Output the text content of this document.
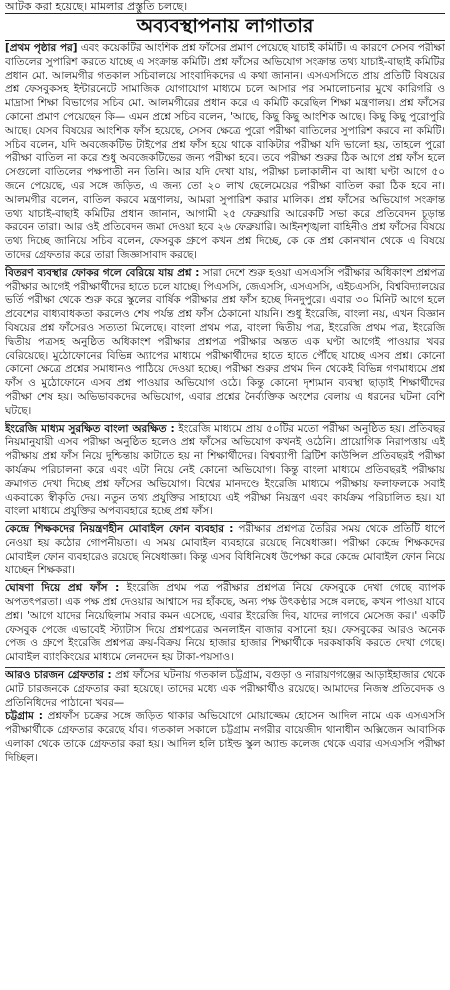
আটক করা হয়েছে। মামলার প্রস্তুতি চলছে।
অব্যবস্থাপনায় লাগাতার

[প্রথম পৃষ্ঠার পর] এবং কয়েকটির আংশিক প্রশ্ন ফাঁসের প্রমাণ পেয়েছে যাচাই কমিটি। এ কারণে সেসব পরীক্ষা বাতিলের সুপারিশ করতে যাচ্ছে এ সংক্রান্ত কমিটি। প্রশ্ন ফাঁসের অভিযোগ সংক্রান্ত তথ্য যাচাই-বাছাই কমিটির প্রধান মো. আলমগীর গতকাল সচিবালয়ে সাংবাদিকদের এ কথা জানান। এসএসসিতে প্রায় প্রতিটি বিষয়ের প্রশ্ন ফেসবুকসহ ইন্টারনেটে সামাজিক যোগাযোগ মাধ্যমে চলে আসার পর সমালোচনার মুখে কারিগরি ও মাদ্রাসা শিক্ষা বিভাগের সচিব মো. আলমগীরের প্রধান করে এ কমিটি করেছিল শিক্ষা মন্ত্রণালয়। প্রশ্ন ফাঁসের কোনো প্রমাণ পেয়েছেন কি— এমন প্রশ্নে সচিব বলেন, 'আছে, কিছু কিছু আংশিক আছে। কিছু কিছু পুরোপুরি আছে। যেসব বিষয়ের আংশিক ফাঁস হয়েছে, সেসব ক্ষেত্রে পুরো পরীক্ষা বাতিলের সুপারিশ করবে না কমিটি। সচিব বলেন, যদি অবজেকটিভ টাইপের প্রশ্ন ফাঁস হয়ে থাকে বাকিটার পরীক্ষা যদি ভালো হয়, তাহলে পুরো পরীক্ষা বাতিল না করে শুধু অবজেকটিভের জন্য পরীক্ষা হবে। তবে পরীক্ষা শুরুর ঠিক আগে প্রশ্ন ফাঁস হলে সেগুলো বাতিলের পক্ষপাতী নন তিনি। আর যদি দেখা যায়, পরীক্ষা চলাকালীন বা আধা ঘণ্টা আগে ৫০ জনে পেয়েছে, এর সঙ্গে জড়িত, এ জন্য তো ২০ লাখ ছেলেমেয়ের পরীক্ষা বাতিল করা ঠিক হবে না। আলমগীর বলেন, বাতিল করবে মন্ত্রণালয়, আমরা সুপারিশ করার মালিক। প্রশ্ন ফাঁসের অভিযোগ সংক্রান্ত তথ্য যাচাই-বাছাই কমিটির প্রধান জানান, আগামী ২৫ ফেব্রুয়ারি আরেকটি সভা করে প্রতিবেদন চূড়ান্ত করবেন তারা। আর ওই প্রতিবেদন জমা দেওয়া হবে ২৬ ফেব্রুয়ারি। আইনশৃঙ্খলা বাহিনীও প্রশ্ন ফাঁসের বিষয়ে তথ্য দিচ্ছে জানিয়ে সচিব বলেন, ফেসবুক গ্রুপে কখন প্রশ্ন দিচ্ছে, কে কে প্রশ্ন কোনখান থেকে এ বিষয়ে তাদের গ্রেফতার করে তারা জিজ্ঞাসাবাদ করছে।

বিতরণ ব্যবস্থার ফোকর গলে বেরিয়ে যায় প্রশ্ন : সারা দেশে শুরু হওয়া এসএসসি পরীক্ষার অধিকাংশ প্রশ্নপত্র পরীক্ষার আগেই পরীক্ষার্থীদের হাতে চলে যাচ্ছে। পিএসসি, জেএসসি, এসএসসি, এইচএসসি, বিশ্ববিদ্যালয়ের ভর্তি পরীক্ষা থেকে শুরু করে স্কুলের বার্ষিক পরীক্ষার প্রশ্ন ফাঁস হচ্ছে দিনদুপুরে। এবার ৩০ মিনিট আগে হলে প্রবেশের বাধ্যবাধকতা করলেও শেষ পর্যন্ত প্রশ্ন ফাঁস ঠেকানো যায়নি। শুধু ইংরেজি, বাংলা নয়, এখন বিজ্ঞান বিষয়ের প্রশ্ন ফাঁসেরও সত্যতা মিলেছে। বাংলা প্রথম পত্র, বাংলা দ্বিতীয় পত্র, ইংরেজি প্রথম পত্র, ইংরেজি দ্বিতীয় পত্রসহ অনুষ্ঠিত অধিকাংশ পরীক্ষার প্রশ্নপত্র পরীক্ষার অন্তত এক ঘণ্টা আগেই পাওয়ার খবর বেরিয়েছে। মুঠোফোনের বিভিন্ন অ্যাপের মাধ্যমে পরীক্ষার্থীদের হাতে হাতে পৌঁছে যাচ্ছে এসব প্রশ্ন। কোনো কোনো ক্ষেত্রে প্রশ্নের সমাধানও পাঠিয়ে দেওয়া হচ্ছে। পরীক্ষা শুরুর প্রথম দিন থেকেই বিভিন্ন গণমাধ্যমে প্রশ্ন ফাঁস ও মুঠোফোনে এসব প্রশ্ন পাওয়ার অভিযোগ ওঠে। কিন্তু কোনো দৃশ্যমান ব্যবস্থা ছাড়াই শিক্ষার্থীদের পরীক্ষা শেষ হয়। অভিভাবকদের অভিযোগ, এবার প্রশ্নের নৈর্ব্যক্তিক অংশের বেলায় এ ধরনের ঘটনা বেশি ঘটছে।

ইংরেজি মাধ্যম সুরক্ষিত বাংলা অরক্ষিত : ইংরেজি মাধ্যমে প্রায় ৫০টির মতো পরীক্ষা অনুষ্ঠিত হয়। প্রতিবছর নিয়মানুযায়ী এসব পরীক্ষা অনুষ্ঠিত হলেও প্রশ্ন ফাঁসের অভিযোগ কখনই ওঠেনি। প্রায়োগিক নিরাপত্তায় এই পরীক্ষায় প্রশ্ন ফাঁস নিয়ে দুশ্চিন্তায় কাটাতে হয় না শিক্ষার্থীদের। বিশ্বব্যাপী ব্রিটিশ কাউন্সিল প্রতিবছরই পরীক্ষা কার্যক্রম পরিচালনা করে এবং এটা নিয়ে নেই কোনো অভিযোগ। কিন্তু বাংলা মাধ্যমে প্রতিবছরই পরীক্ষায় ক্রমাগত দেখা দিচ্ছে প্রশ্ন ফাঁসের অভিযোগ। বিশ্বের মানদণ্ডে ইংরেজি মাধ্যমে পরীক্ষায় ফলাফলকে সবাই একবাক্যে স্বীকৃতি দেয়। নতুন তথ্য প্রযুক্তির সাহায্যে এই পরীক্ষা নিয়ন্ত্রণ এবং কার্যক্রম পরিচালিত হয়। যা বাংলা মাধ্যমে প্রযুক্তির অপব্যবহারে হচ্ছে প্রশ্ন ফাঁস।

কেন্দ্রে শিক্ষকদের নিয়ন্ত্রণহীন মোবাইল ফোন ব্যবহার : পরীক্ষার প্রশ্নপত্র তৈরির সময় থেকে প্রতিটি ধাপে নেওয়া হয় কঠোর গোপনীয়তা। এ সময় মোবাইল ব্যবহারে রয়েছে নিষেধাজ্ঞা। পরীক্ষা কেন্দ্রে শিক্ষকদের মোবাইল ফোন ব্যবহারেও রয়েছে নিষেধাজ্ঞা। কিন্তু এসব বিধিনিষেধ উপেক্ষা করে কেন্দ্রে মোবাইল ফোন নিয়ে যাচ্ছেন শিক্ষকরা।

ঘোষণা দিয়ে প্রশ্ন ফাঁস : ইংরেজি প্রথম পত্র পরীক্ষার প্রশ্নপত্র নিয়ে ফেসবুকে দেখা গেছে ব্যাপক অপতৎপরতা। এক পক্ষ প্রশ্ন দেওয়ার আশ্বাসে দর হাঁকছে, অন্য পক্ষ উৎকণ্ঠার সঙ্গে বলছে, কখন পাওয়া যাবে প্রশ্ন। 'আগে যাদের নিয়েছিলাম সবার কমন এসেছে, এবার ইংরেজি দিব, যাদের লাগবে মেসেজ কর।' একটি ফেসবুক পেজে এভাবেই স্ট্যাটাস দিয়ে প্রশ্নপত্রের অনলাইন বাজার বসানো হয়। ফেসবুকের আরও অনেক পেজ ও গ্রুপে ইংরেজি প্রশ্নপত্র ক্রয়-বিক্রয় নিয়ে হাজার হাজার শিক্ষার্থীকে দরকষাকষি করতে দেখা গেছে। মোবাইল ব্যাংকিংয়ের মাধ্যমে লেনদেন হয় টাকা-পয়সাও।

আরও চারজন গ্রেফতার : প্রশ্ন ফাঁসের ঘটনায় গতকাল চট্টগ্রাম, বগুড়া ও নারায়ণগঞ্জের আড়াইহাজার থেকে মোট চারজনকে গ্রেফতার করা হয়েছে। তাদের মধ্যে এক পরীক্ষার্থীও রয়েছে। আমাদের নিজস্ব প্রতিবেদক ও প্রতিনিধিদের পাঠানো খবর—

চট্টগ্রাম : প্রশ্নফাঁস চক্রের সঙ্গে জড়িত থাকার অভিযোগে মোয়াজ্জেম হোসেন আদিল নামে এক এসএসসি পরীক্ষার্থীকে গ্রেফতার করেছে র্যাব। গতকাল সকালে চট্টগ্রাম নগরীর বায়েজীদ থানাধীন অক্সিজেন আবাসিক এলাকা থেকে তাকে গ্রেফতার করা হয়। আদিল হলি চাইল্ড স্কুল অ্যান্ড কলেজ থেকে এবার এসএসসি পরীক্ষা দিচ্ছিল।
